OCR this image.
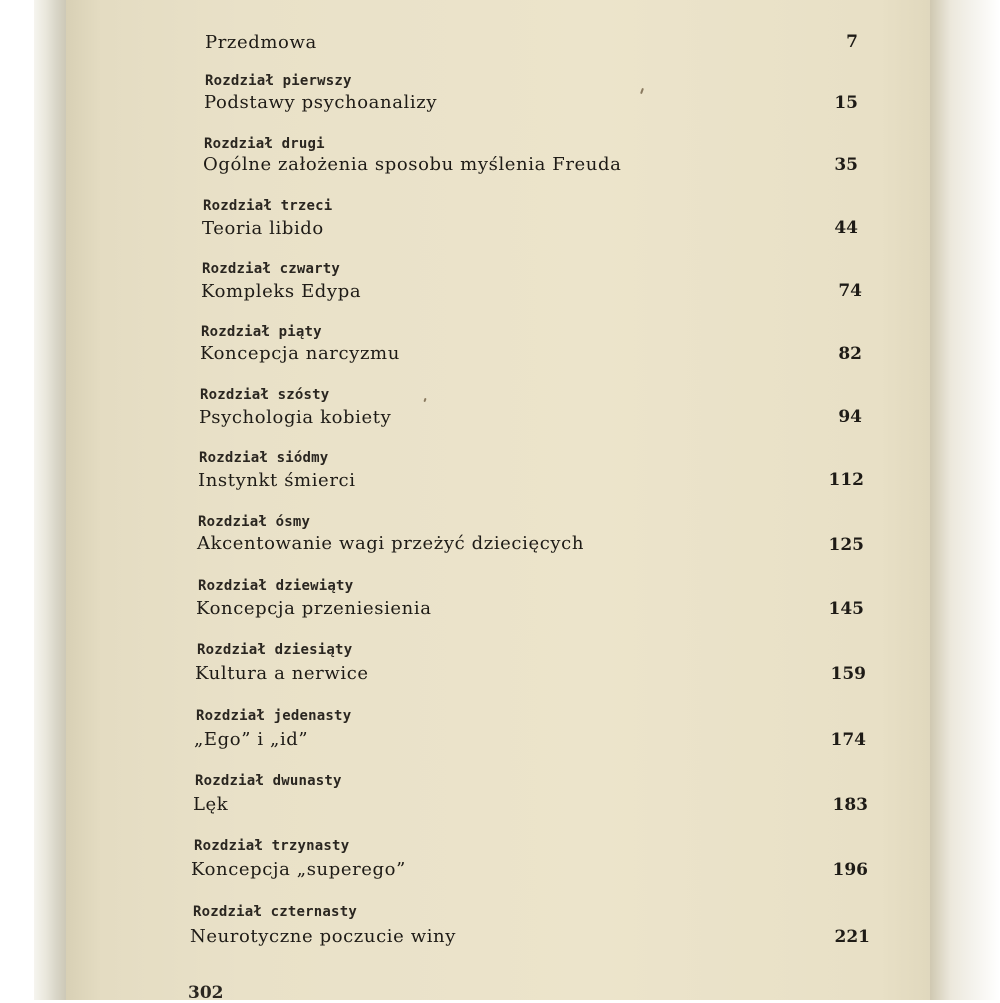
Przedmowa	7
Rozdział pierwszy
Podstawy psychoanalizy	15
Rozdział drugi
Ogólne założenia sposobu myślenia Freuda	35
Rozdział trzeci
Teoria libido	44
Rozdział czwarty
Kompleks Edypa	74
Rozdział piąty
Koncepcja narcyzmu	82
Rozdział szósty
Psychologia kobiety	94
Rozdział siódmy
Instynkt śmierci	112
Rozdział ósmy
Akcentowanie wagi przeżyć dziecięcych	125
Rozdział dziewiąty
Koncepcja przeniesienia	145
Rozdział dziesiąty
Kultura a nerwice	159
Rozdział jedenasty
„Ego” i „id”	174
Rozdział dwunasty
Lęk	183
Rozdział trzynasty
Koncepcja „superego”	196
Rozdział czternasty
Neurotyczne poczucie winy	221
302
